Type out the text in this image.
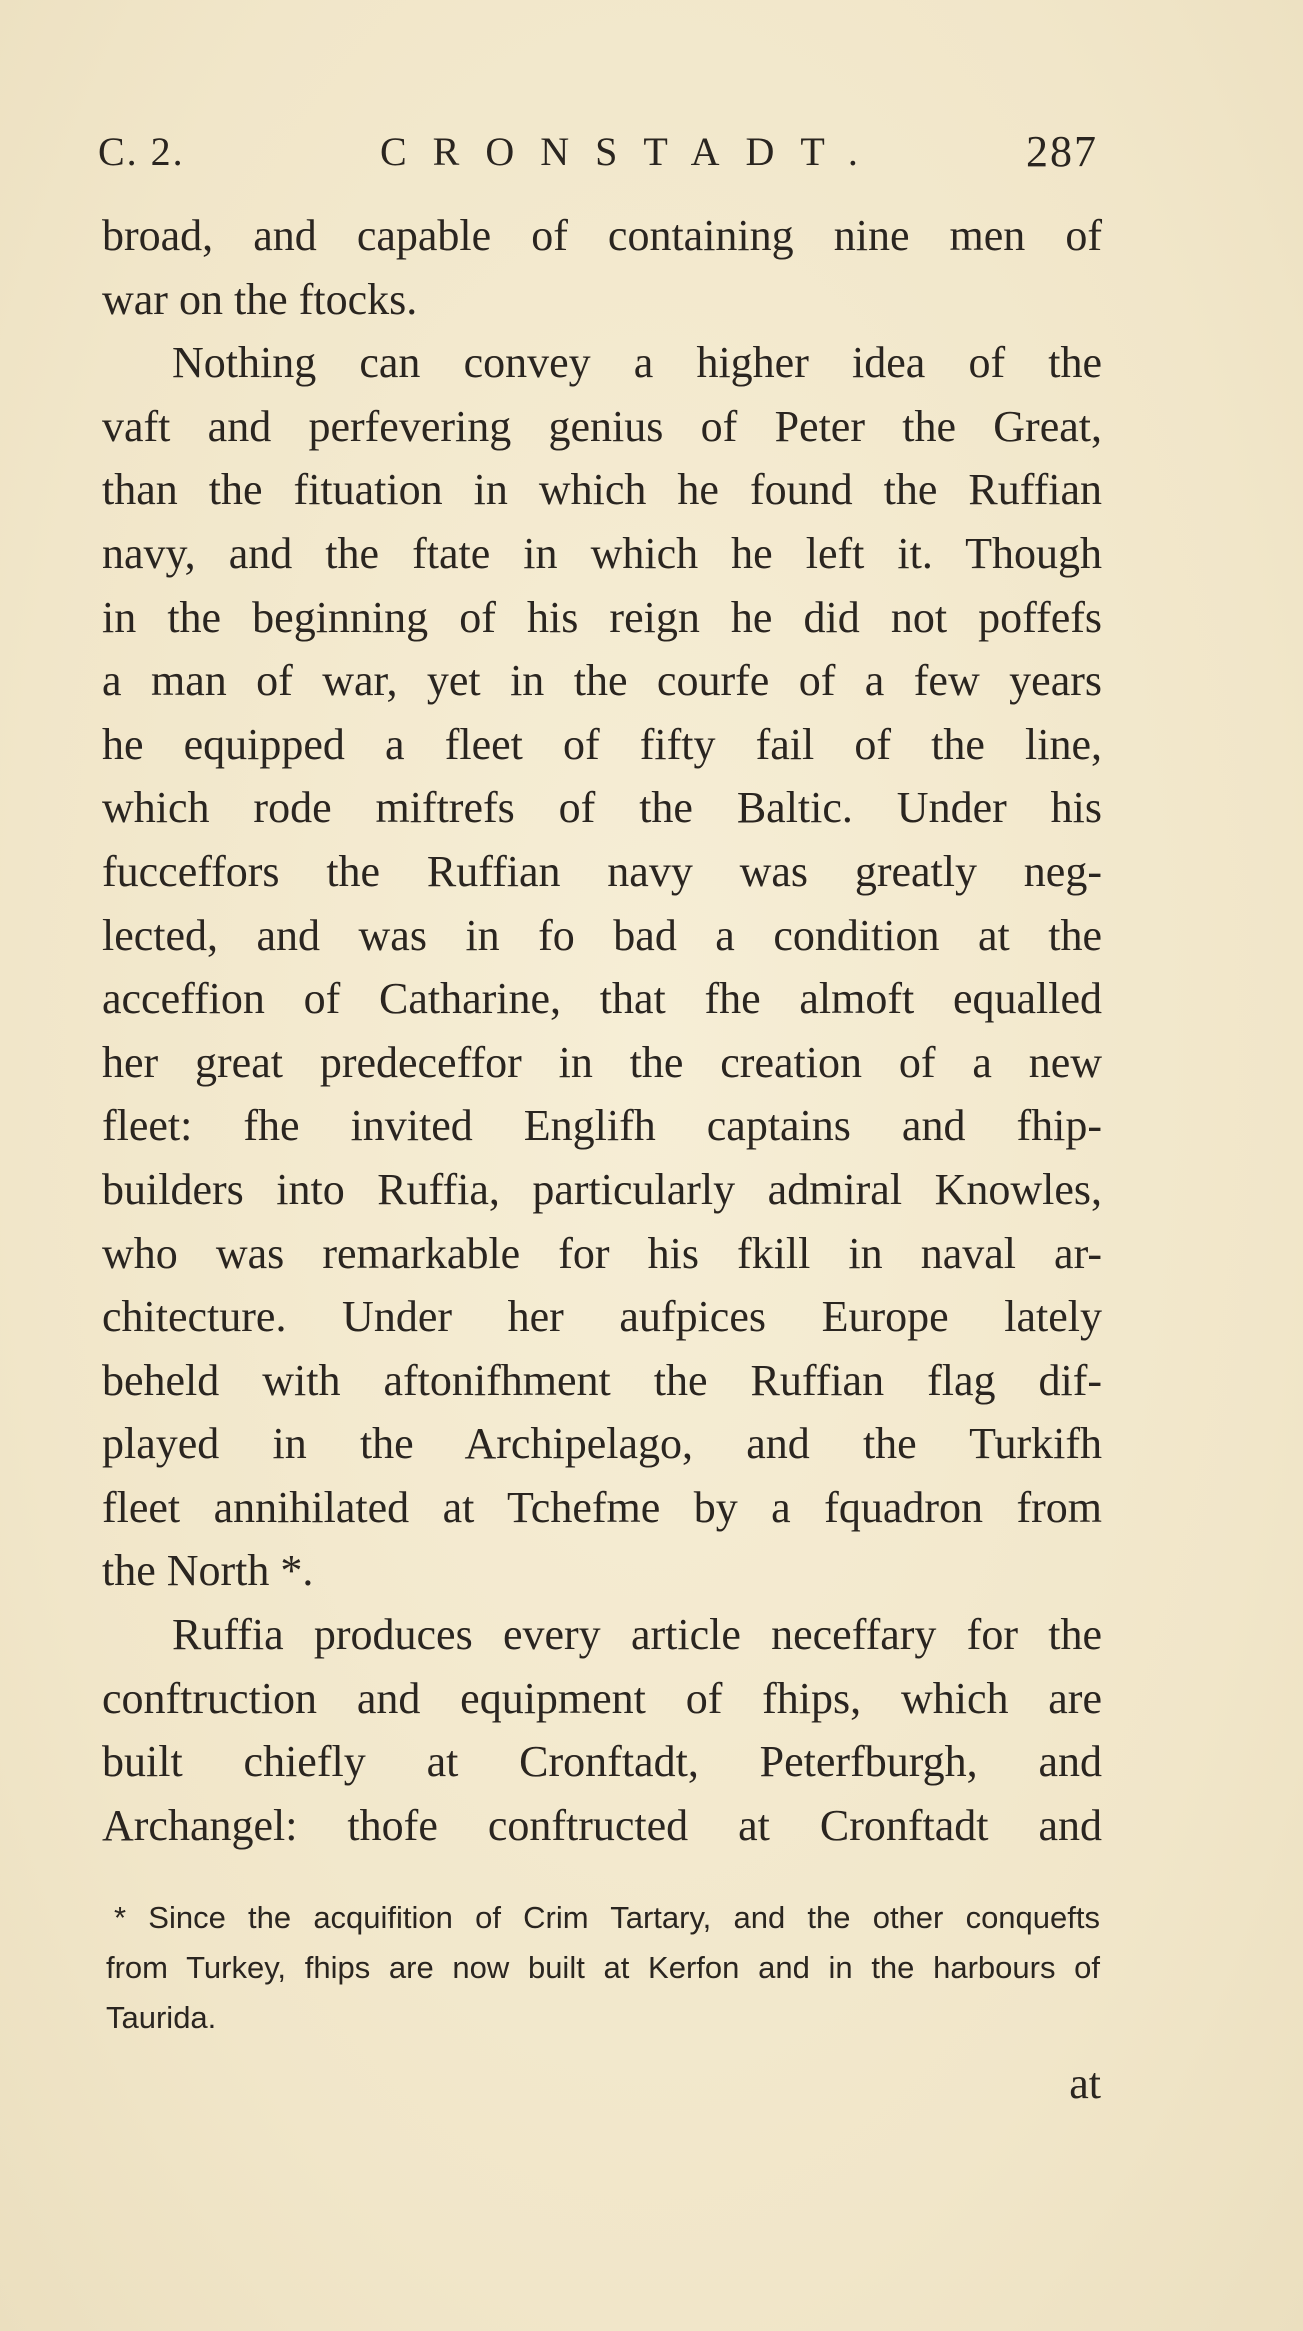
C. 2.	CRONSTADT.	287
broad, and capable of containing nine men of
war on the ftocks.
Nothing can convey a higher idea of the
vaft and perfevering genius of Peter the Great,
than the fituation in which he found the Ruffian
navy, and the ftate in which he left it. Though
in the beginning of his reign he did not poffefs
a man of war, yet in the courfe of a few years
he equipped a fleet of fifty fail of the line,
which rode miftrefs of the Baltic. Under his
fucceffors the Ruffian navy was greatly neg-
lected, and was in fo bad a condition at the
acceffion of Catharine, that fhe almoft equalled
her great predeceffor in the creation of a new
fleet: fhe invited Englifh captains and fhip-
builders into Ruffia, particularly admiral Knowles,
who was remarkable for his fkill in naval ar-
chitecture. Under her aufpices Europe lately
beheld with aftonifhment the Ruffian flag dif-
played in the Archipelago, and the Turkifh
fleet annihilated at Tchefme by a fquadron from
the North *.
Ruffia produces every article neceffary for the
conftruction and equipment of fhips, which are
built chiefly at Cronftadt, Peterfburgh, and
Archangel: thofe conftructed at Cronftadt and
* Since the acquifition of Crim Tartary, and the other conquefts
from Turkey, fhips are now built at Kerfon and in the harbours of
Taurida.
at
